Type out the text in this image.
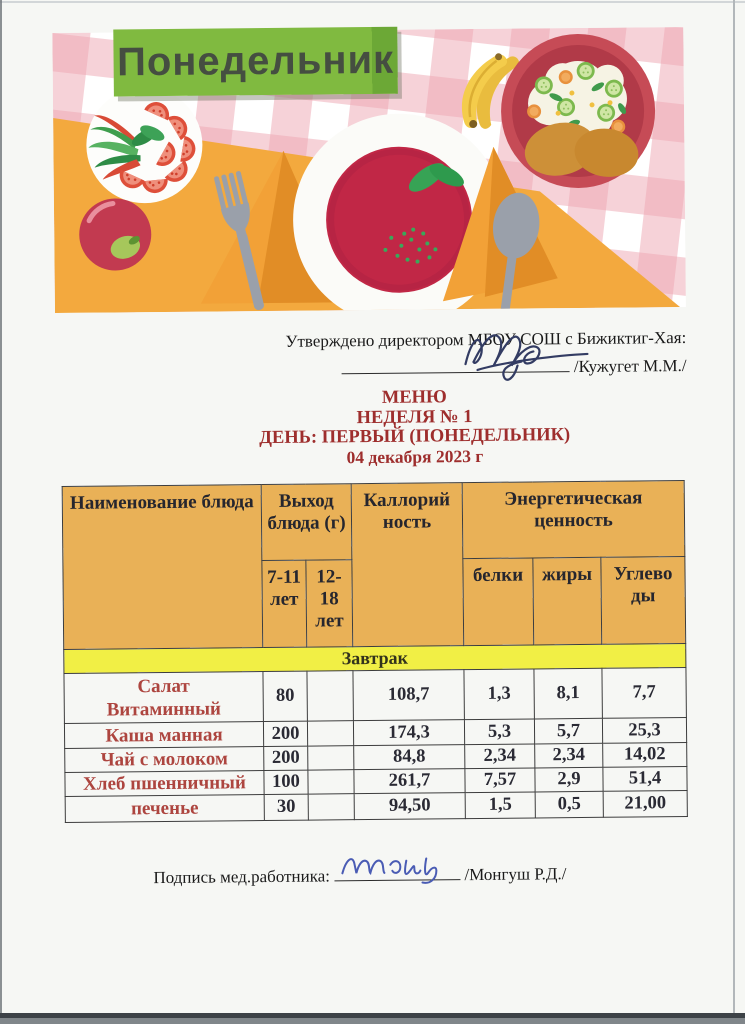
Понедельник
Утверждено директором МБОУ СОШ с Бижиктиг-Хая:
/Кужугет М.М./
МЕНЮ
НЕДЕЛЯ № 1
ДЕНЬ: ПЕРВЫЙ (ПОНЕДЕЛЬНИК)
04 декабря 2023 г
Наименование блюда	Выход блюда (г)		Каллорий ность	Энергетическая ценность		
	7-11 лет	12-18 лет		белки	жиры	Углево ды
Завтрак						
Салат
Витаминный	80		108,7	1,3	8,1	7,7
Каша манная	200		174,3	5,3	5,7	25,3
Чай с молоком	200		84,8	2,34	2,34	14,02
Хлеб пшенничный	100		261,7	7,57	2,9	51,4
печенье	30		94,50	1,5	0,5	21,00
Подпись мед.работника:	/Монгуш Р.Д./
